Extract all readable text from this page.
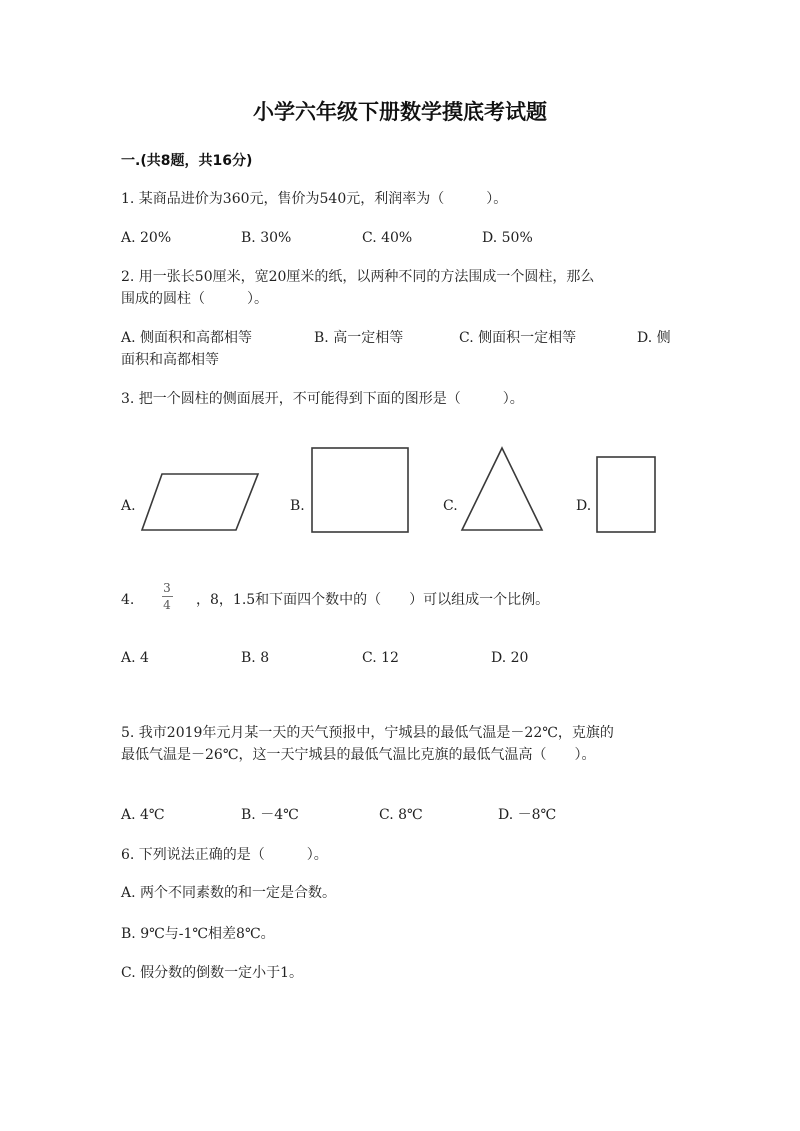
小学六年级下册数学摸底考试题
一.(共8题，共16分)
1. 某商品进价为360元，售价为540元，利润率为（　　　）。
A. 20%	B. 30%	C. 40%	D. 50%
2. 用一张长50厘米，宽20厘米的纸，以两种不同的方法围成一个圆柱，那么
围成的圆柱（　　　）。
A. 侧面积和高都相等	B. 高一定相等	C. 侧面积一定相等	D. 侧
面积和高都相等
3. 把一个圆柱的侧面展开，不可能得到下面的图形是（　　　）。
A.	B.	C.	D.
4.
3
4	，8，1.5和下面四个数中的（　　）可以组成一个比例。
A. 4	B. 8	C. 12	D. 20
5. 我市2019年元月某一天的天气预报中，宁城县的最低气温是－22℃，克旗的
最低气温是－26℃，这一天宁城县的最低气温比克旗的最低气温高（　　）。
A. 4℃	B. －4℃	C. 8℃	D. －8℃
6. 下列说法正确的是（　　　）。
A. 两个不同素数的和一定是合数。
B. 9℃与-1℃相差8℃。
C. 假分数的倒数一定小于1。
